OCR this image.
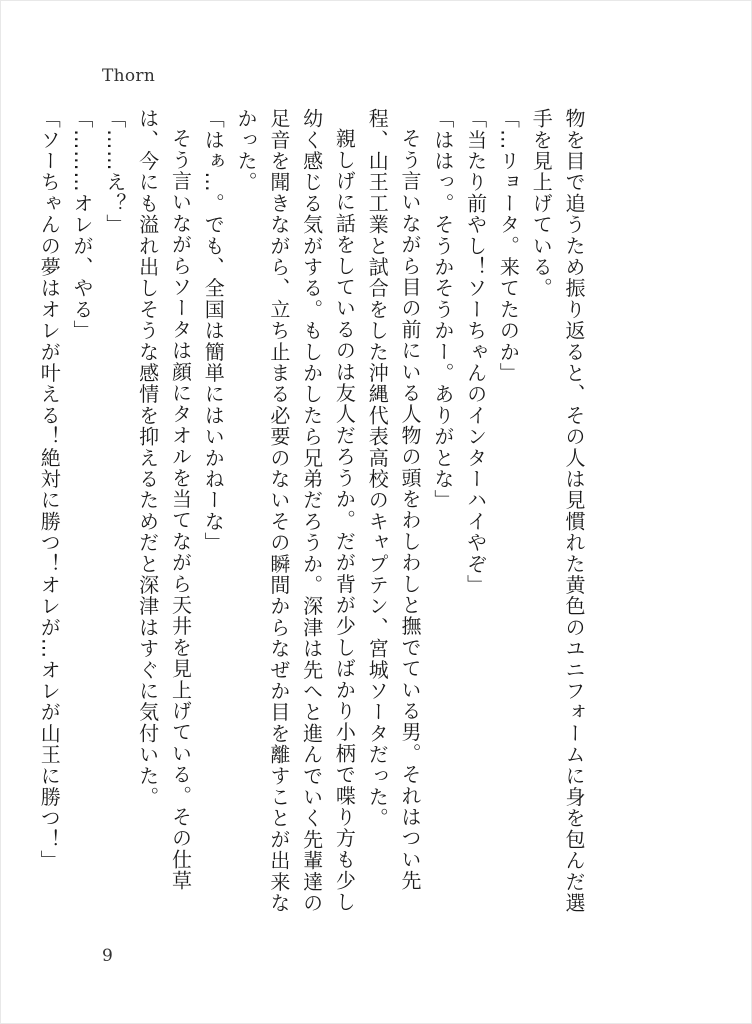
Thorn

物を目で追うため振り返ると、その人は見慣れた黄色のユニフォームに身を包んだ選手を見上げている。

「…リョータ。来てたのか」

「当たり前やし！ソーちゃんのインターハイやぞ」

「ははっ。そうかそうかー。ありがとな」

そう言いながら目の前にいる人物の頭をわしわしと撫でている男。それはつい先程、山王工業と試合をした沖縄代表高校のキャプテン、宮城ソータだった。

親しげに話をしているのは友人だろうか。だが背が少しばかり小柄で喋り方も少し幼く感じる気がする。もしかしたら兄弟だろうか。深津は先へと進んでいく先輩達の足音を聞きながら、立ち止まる必要のないその瞬間からなぜか目を離すことが出来なかった。

「はぁ…。でも、全国は簡単にはいかねーな」

そう言いながらソータは顔にタオルを当てながら天井を見上げている。その仕草は、今にも溢れ出しそうな感情を抑えるためだと深津はすぐに気付いた。

「……え？」

「………オレが、やる」

「ソーちゃんの夢はオレが叶える！絶対に勝つ！オレが…オレが山王に勝つ！」

9
